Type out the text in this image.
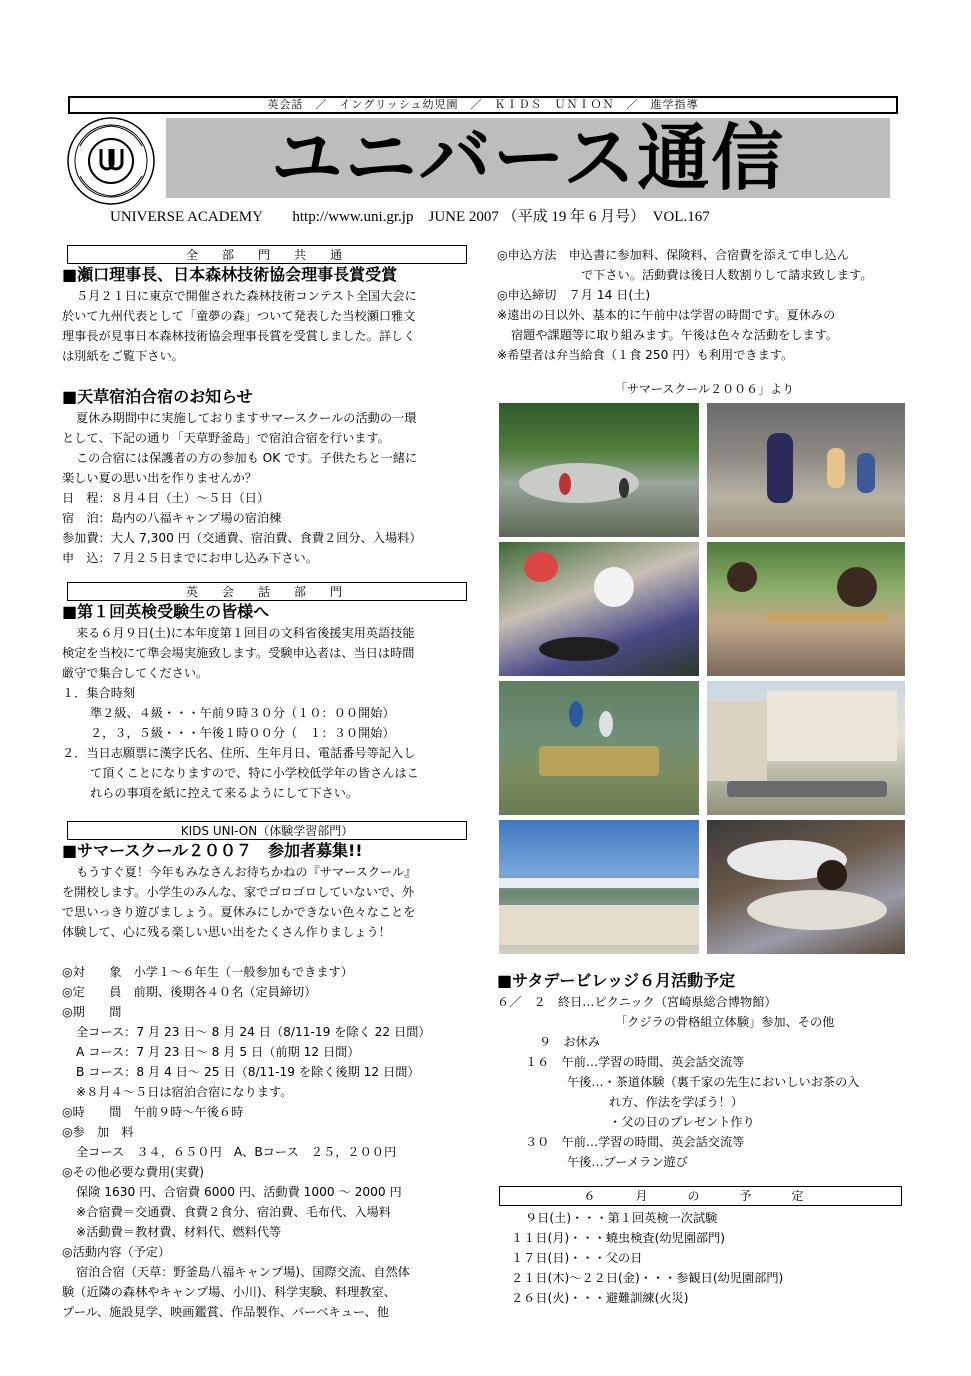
英会話　／　イングリッシュ幼児園　／　ＫＩＤＳ　ＵＮＩＯＮ　／　進学指導
ユニバース通信
UNIVERSE ACADEMY　　http://www.uni.gr.jp　JUNE 2007 （平成 19 年 6 月号）  VOL.167
全　部　門　共　通
■瀬口理事長、日本森林技術協会理事長賞受賞

５月２１日に東京で開催された森林技術コンテスト全国大会に

於いて九州代表として「童夢の森」ついて発表した当校瀬口雅文

理事長が見事日本森林技術協会理事長賞を受賞しました。詳しく

は別紙をご覧下さい。

■天草宿泊合宿のお知らせ

夏休み期間中に実施しておりますサマースクールの活動の一環

として、下記の通り「天草野釜島」で宿泊合宿を行います。

この合宿には保護者の方の参加も OK です。子供たちと一緒に

楽しい夏の思い出を作りませんか？

日　程：８月４日（土）～５日（日）

宿　泊：島内の八福キャンプ場の宿泊棟

参加費：大人 7,300 円（交通費、宿泊費、食費２回分、入場料）

申　込：７月２５日までにお申し込み下さい。

英　会　話　部　門
■第１回英検受験生の皆様へ

来る６月９日(土)に本年度第１回目の文科省後援実用英語技能

検定を当校にて準会場実施致します。受験申込者は、当日は時間

厳守で集合してください。

１．集合時刻

準２級、４級・・・午前９時３０分（１０：００開始）

２，３，５級・・・午後１時００分（　１：３０開始）

２．当日志願票に漢字氏名、住所、生年月日、電話番号等記入し

て頂くことになりますので、特に小学校低学年の皆さんはこ

れらの事項を紙に控えて来るようにして下さい。

KIDS UNI-ON（体験学習部門）
■サマースクール２００７　参加者募集!!

もうすぐ夏！今年もみなさんお待ちかねの『サマースクール』

を開校します。小学生のみんな、家でゴロゴロしていないで、外

で思いっきり遊びましょう。夏休みにしかできない色々なことを

体験して、心に残る楽しい思い出をたくさん作りましょう！

◎対　　象　小学１～６年生（一般参加もできます）

◎定　　員　前期、後期各４０名（定員締切）

◎期　　間

全コース：7 月 23 日～ 8 月 24 日（8/11-19 を除く 22 日間）

A コース：7 月 23 日～ 8 月 5 日（前期 12 日間）

B コース：8 月 4 日～ 25 日（8/11-19 を除く後期 12 日間）

※８月４～５日は宿泊合宿になります。

◎時　　間　午前９時～午後６時

◎参　加　料

全コース　３４，６５０円　A、Bコース　２５，２００円

◎その他必要な費用(実費)

保険 1630 円、合宿費 6000 円、活動費 1000 ～ 2000 円

※合宿費＝交通費、食費２食分、宿泊費、毛布代、入場料

※活動費＝教材費、材料代、燃料代等

◎活動内容（予定）

宿泊合宿（天草：野釜島八福キャンプ場)、国際交流、自然体

験（近隣の森林やキャンプ場、小川)、科学実験、料理教室、

プール、施設見学、映画鑑賞、作品製作、バーベキュー、他

◎申込方法　申込書に参加料、保険料、合宿費を添えて申し込ん

で下さい。活動費は後日人数割りして請求致します。

◎申込締切　７月 14 日(土)

※遠出の日以外、基本的に午前中は学習の時間です。夏休みの

宿題や課題等に取り組みます。午後は色々な活動をします。

※希望者は弁当給食（１食 250 円）も利用できます。

「サマースクール２００６」より
■サタデービレッジ６月活動予定

６／　２　終日…ピクニック（宮崎県総合博物館）

「クジラの骨格組立体験」参加、その他

９　お休み

１６　午前…学習の時間、英会話交流等

午後…・茶道体験（裏千家の先生においしいお茶の入

れ方、作法を学ぼう！）

・父の日のプレゼント作り

３０　午前…学習の時間、英会話交流等

午後…ブーメラン遊び

６　月　の　予　定

９日(土)・・・第１回英検一次試験

１１日(月)・・・蟯虫検査(幼児園部門)

１７日(日)・・・父の日

２１日(木)～２２日(金)・・・参観日(幼児園部門)

２６日(火)・・・避難訓練(火災)
